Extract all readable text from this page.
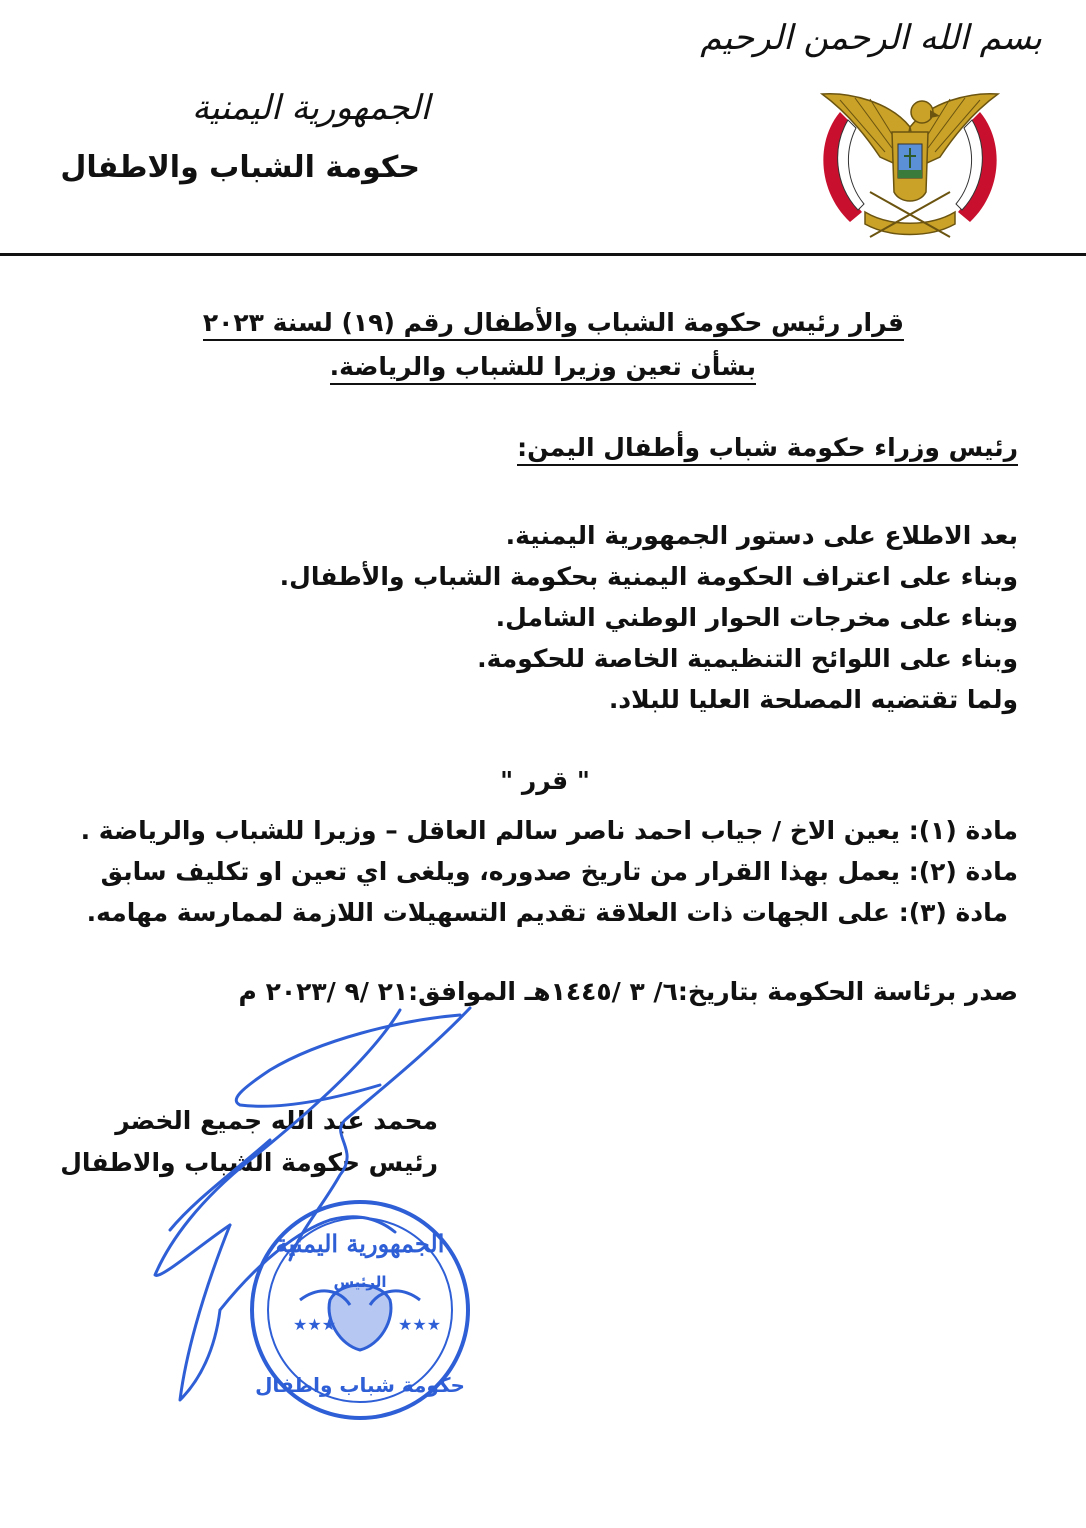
بسم الله الرحمن الرحيم
الجمهورية اليمنية
حكومة الشباب والاطفال
قرار رئيس حكومة الشباب والأطفال رقم (١٩) لسنة ٢٠٢٣
بشأن تعين وزيرا للشباب والرياضة.
رئيس وزراء حكومة شباب وأطفال اليمن:
بعد الاطلاع على دستور الجمهورية اليمنية.
وبناء على اعتراف الحكومة اليمنية بحكومة الشباب والأطفال.
وبناء على مخرجات الحوار الوطني الشامل.
وبناء على اللوائح التنظيمية الخاصة للحكومة.
ولما تقتضيه المصلحة العليا للبلاد.
" قرر "
مادة (١): يعين الاخ / جياب احمد ناصر سالم العاقل – وزيرا للشباب والرياضة .
مادة (٢): يعمل بهذا القرار من تاريخ صدوره، ويلغى اي تعين او تكليف سابق
مادة (٣): على الجهات ذات العلاقة تقديم التسهيلات اللازمة لممارسة مهامه.
صدر برئاسة الحكومة بتاريخ:٦/ ٣ /١٤٤٥هـ الموافق:٢١ /٩ /٢٠٢٣ م
محمد عبد الله جميع الخضر
رئيس حكومة الشباب والاطفال
★★★	★★★
الجمهورية اليمنية
الرئيس
حكومة شباب واطفال
